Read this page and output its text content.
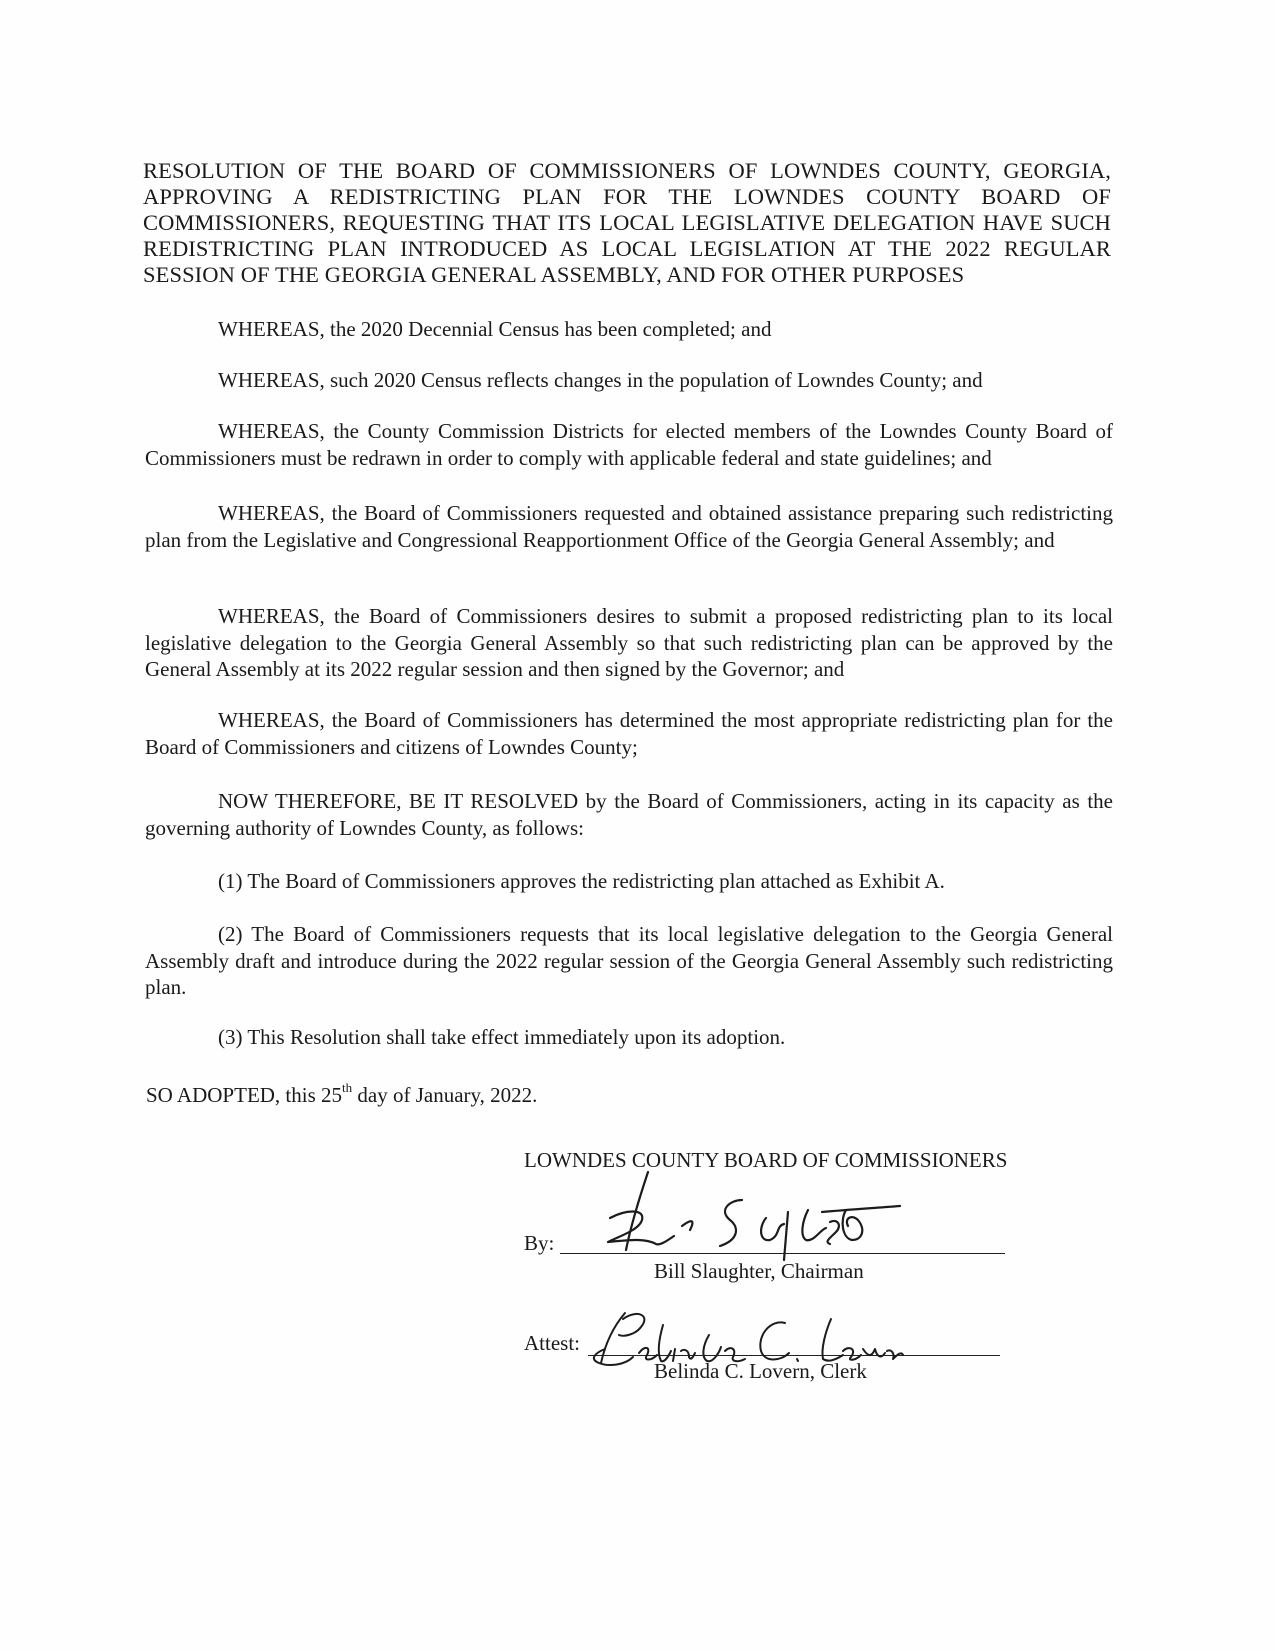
RESOLUTION OF THE BOARD OF COMMISSIONERS OF LOWNDES COUNTY, GEORGIA, APPROVING A REDISTRICTING PLAN FOR THE LOWNDES COUNTY BOARD OF COMMISSIONERS, REQUESTING THAT ITS LOCAL LEGISLATIVE DELEGATION HAVE SUCH REDISTRICTING PLAN INTRODUCED AS LOCAL LEGISLATION AT THE 2022 REGULAR SESSION OF THE GEORGIA GENERAL ASSEMBLY, AND FOR OTHER PURPOSES
WHEREAS, the 2020 Decennial Census has been completed; and
WHEREAS, such 2020 Census reflects changes in the population of Lowndes County; and
WHEREAS, the County Commission Districts for elected members of the Lowndes County Board of Commissioners must be redrawn in order to comply with applicable federal and state guidelines; and
WHEREAS, the Board of Commissioners requested and obtained assistance preparing such redistricting plan from the Legislative and Congressional Reapportionment Office of the Georgia General Assembly; and
WHEREAS, the Board of Commissioners desires to submit a proposed redistricting plan to its local legislative delegation to the Georgia General Assembly so that such redistricting plan can be approved by the General Assembly at its 2022 regular session and then signed by the Governor; and
WHEREAS, the Board of Commissioners has determined the most appropriate redistricting plan for the Board of Commissioners and citizens of Lowndes County;
NOW THEREFORE, BE IT RESOLVED by the Board of Commissioners, acting in its capacity as the governing authority of Lowndes County, as follows:
(1) The Board of Commissioners approves the redistricting plan attached as Exhibit A.
(2) The Board of Commissioners requests that its local legislative delegation to the Georgia General Assembly draft and introduce during the 2022 regular session of the Georgia General Assembly such redistricting plan.
(3) This Resolution shall take effect immediately upon its adoption.
SO ADOPTED, this 25th day of January, 2022.
LOWNDES COUNTY BOARD OF COMMISSIONERS
By:
Bill Slaughter, Chairman
Attest:
Belinda C. Lovern, Clerk
